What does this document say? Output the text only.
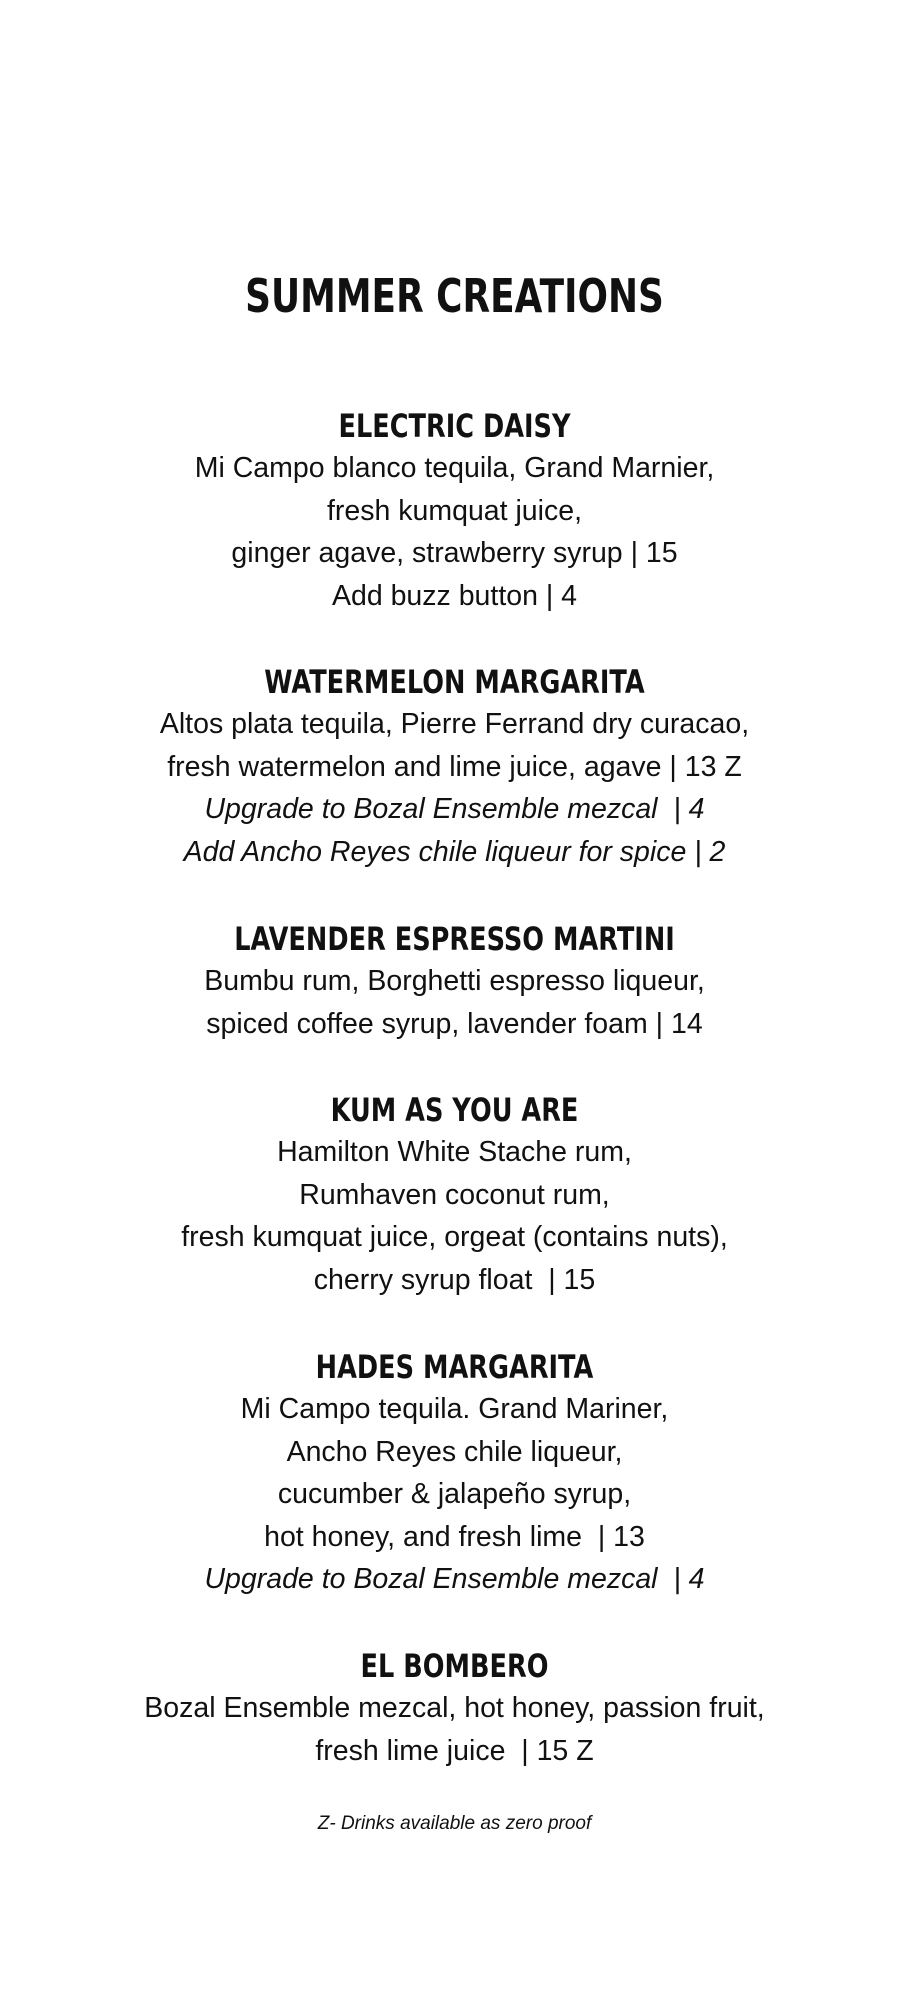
SUMMER CREATIONS
ELECTRIC DAISY
Mi Campo blanco tequila, Grand Marnier,
fresh kumquat juice,
ginger agave, strawberry syrup | 15
Add buzz button | 4
WATERMELON MARGARITA
Altos plata tequila, Pierre Ferrand dry curacao,
fresh watermelon and lime juice, agave | 13 Z
Upgrade to Bozal Ensemble mezcal  | 4
Add Ancho Reyes chile liqueur for spice | 2
LAVENDER ESPRESSO MARTINI
Bumbu rum, Borghetti espresso liqueur,
spiced coffee syrup, lavender foam | 14
KUM AS YOU ARE
Hamilton White Stache rum,
Rumhaven coconut rum,
fresh kumquat juice, orgeat (contains nuts),
cherry syrup float  | 15
HADES MARGARITA
Mi Campo tequila. Grand Mariner,
Ancho Reyes chile liqueur,
cucumber & jalapeño syrup,
hot honey, and fresh lime  | 13
Upgrade to Bozal Ensemble mezcal  | 4
EL BOMBERO
Bozal Ensemble mezcal, hot honey, passion fruit,
fresh lime juice  | 15 Z
Z- Drinks available as zero proof
